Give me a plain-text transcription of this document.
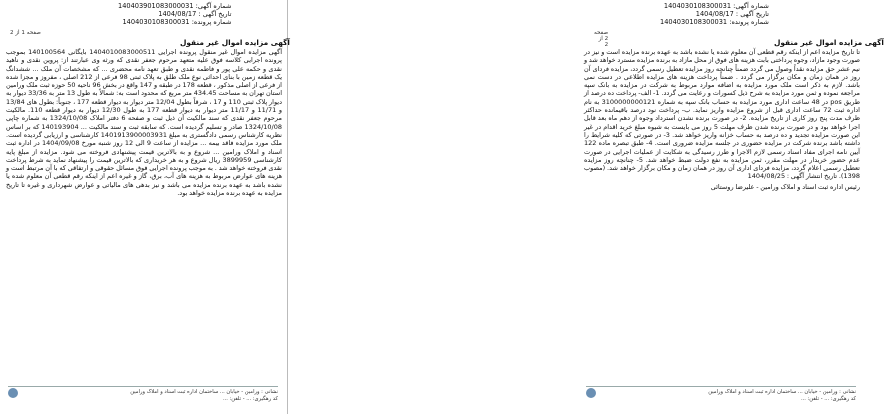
شماره آگهی: 1404030108300031
تاریخ آگهی : 1404/08/17
شماره پرونده: 1404030108300031
صفحه 2 از 2	آگهی مزایده اموال غیر منقول

تا تاریخ مزایده اعم از اینکه رقم قطعی آن معلوم شده یا نشده باشد به عهده برنده مزایده است و نیز در صورت وجود مازاد، وجوه پرداختی بابت هزینه های فوق از محل مازاد به برنده مزایده مسترد خواهد شد و نیم عشر حق مزایده نقداً وصول می گردد ضمناً چنانچه روز مزایده تعطیل رسمی گردد، مزایده فردای آن روز در همان زمان و مکان برگزار می گردد . ضمناً پرداخت هزینه های مزایده اطلاعی در دست نمی باشد. لازم به ذکر است ملک مورد مزایده به اضافه موارد مربوط به شرکت در مزایده به بانک سپه مراجعه نموده و ثمن مورد مزایده به شرح ذیل کسورات و رعایت می گردد. 1- الف- پرداخت ده درصد از طریق pos در 48 ساعت اداری مورد مزایده به حساب بانک سپه به شماره 3100000000121 به نام اداره ثبت 72 ساعت اداری قبل از شروع مزایده واریز نماید. ب- پرداخت نود درصد باقیمانده حداکثر ظرف مدت پنج روز کاری از تاریخ مزایده. 2- در صورت برنده نشدن استرداد وجوه از دهم ماه بعد قابل اجرا خواهد بود و در صورت برنده شدن ظرف مهلت 5 روز می بایست به شیوه مبلغ خرید اقدام در غیر این صورت مزایده تجدید و ده درصد به حساب خزانه واریز خواهد شد. 3- در صورتی که کلیه شرایط را داشته باشد برنده شرکت در مزایده حضوری در جلسه مزایده ضروری است. 4- طبق تبصره ماده 122 آیین نامه اجرای مفاد اسناد رسمی لازم الاجرا و طرز رسیدگی به شکایت از عملیات اجرایی در صورت عدم حضور خریدار در مهلت مقرر، ثمن مزایده به نفع دولت ضبط خواهد شد. 5- چنانچه روز مزایده تعطیل رسمی اعلام گردد، مزایده فردای اداری آن روز در همان زمان و مکان برگزار خواهد شد. (مصوب 1398). تاریخ انتشار آگهی : 1404/08/25

رئیس اداره ثبت اسناد و املاک ورامین - علیرضا روستائی

نشانی : ورامین - خیابان ... ساختمان اداره ثبت اسناد و املاک ورامین
کد رهگیری: ... - تلفن: ...
شماره آگهی: 140403901083000031
تاریخ آگهی : 1404/08/17
شماره پرونده: 1404030108300031
صفحه 1 از 2
آگهی مزایده اموال غیر منقول

آگهی مزایده اموال غیر منقول پرونده اجرایی 1404010083000511 بایگانی 140100564 بموجب پرونده اجرایی کلاسه فوق علیه متعهد مرحوم جعفر نقدی که ورثه وی عبارتند از: پروین نقدی و ناهید نقدی و حکمه علی پور و فاطمه نقدی و طبق تعهد نامه محضری ... که مشخصات آن ملک ... ششدانگ یک قطعه زمین با بنای احداثی نوع ملک طلق به پلاک ثبتی 98 فرعی از 212 اصلی ، مفروز و مجزا شده از فرعی از اصلی مذکور ، قطعه 178 در طبقه و 147 واقع در بخش 96 ناحیه 50 حوزه ثبت ملک ورامین استان تهران به مساحت 434.45 متر مربع که محدود است به: شمالاً به طول 13 متر به 33/36 دیوار به دیوار پلاک ثبتی 110 و 17 ، شرقاً بطول 12/04 متر دیوار به دیوار قطعه 177 ، جنوباً: بطول های 13/84 و 11/71 و 11/17 متر دیوار به دیوار قطعه 177 به طول 12/30 دیوار به دیوار قطعه 110. مالکیت مرحوم جعفر نقدی که سند مالکیت آن ذیل ثبت و صفحه 6 دفتر املاک 1324/10/08 به شماره چاپی 1324/10/08 صادر و تسلیم گردیده است. که سابقه ثبت و سند مالکیت ... 140193904 که بر اساس نظریه کارشناس رسمی دادگستری به مبلغ 1401913900003931 کارشناسی و ارزیابی گردیده است. ملک مورد مزایده فاقد بیمه ... مزایده از ساعت 9 الی 12 روز شنبه مورخ 1404/09/08 در اداره ثبت اسناد و املاک ورامین ... شروع و به بالاترین قیمت پیشنهادی فروخته می شود. مزایده از مبلغ پایه کارشناسی 3899959 ریال شروع و به هر خریداری که بالاترین قیمت را پیشنهاد نماید به شرط پرداخت نقدی فروخته خواهد شد . به موجب پرونده اجرایی فوق مسائل حقوقی و ارتفاقی که با آن مرتبط است و هزینه های عوارض مربوط به هزینه های آب، برق، گاز و غیره اعم از اینکه رقم قطعی آن معلوم شده یا نشده باشد به عهده برنده مزایده می باشد و نیز بدهی های مالیاتی و عوارض شهرداری و غیره تا تاریخ مزایده به عهده برنده مزایده خواهد بود.

نشانی : ورامین - خیابان ... ساختمان اداره ثبت اسناد و املاک ورامین
کد رهگیری: ... - تلفن: ...
